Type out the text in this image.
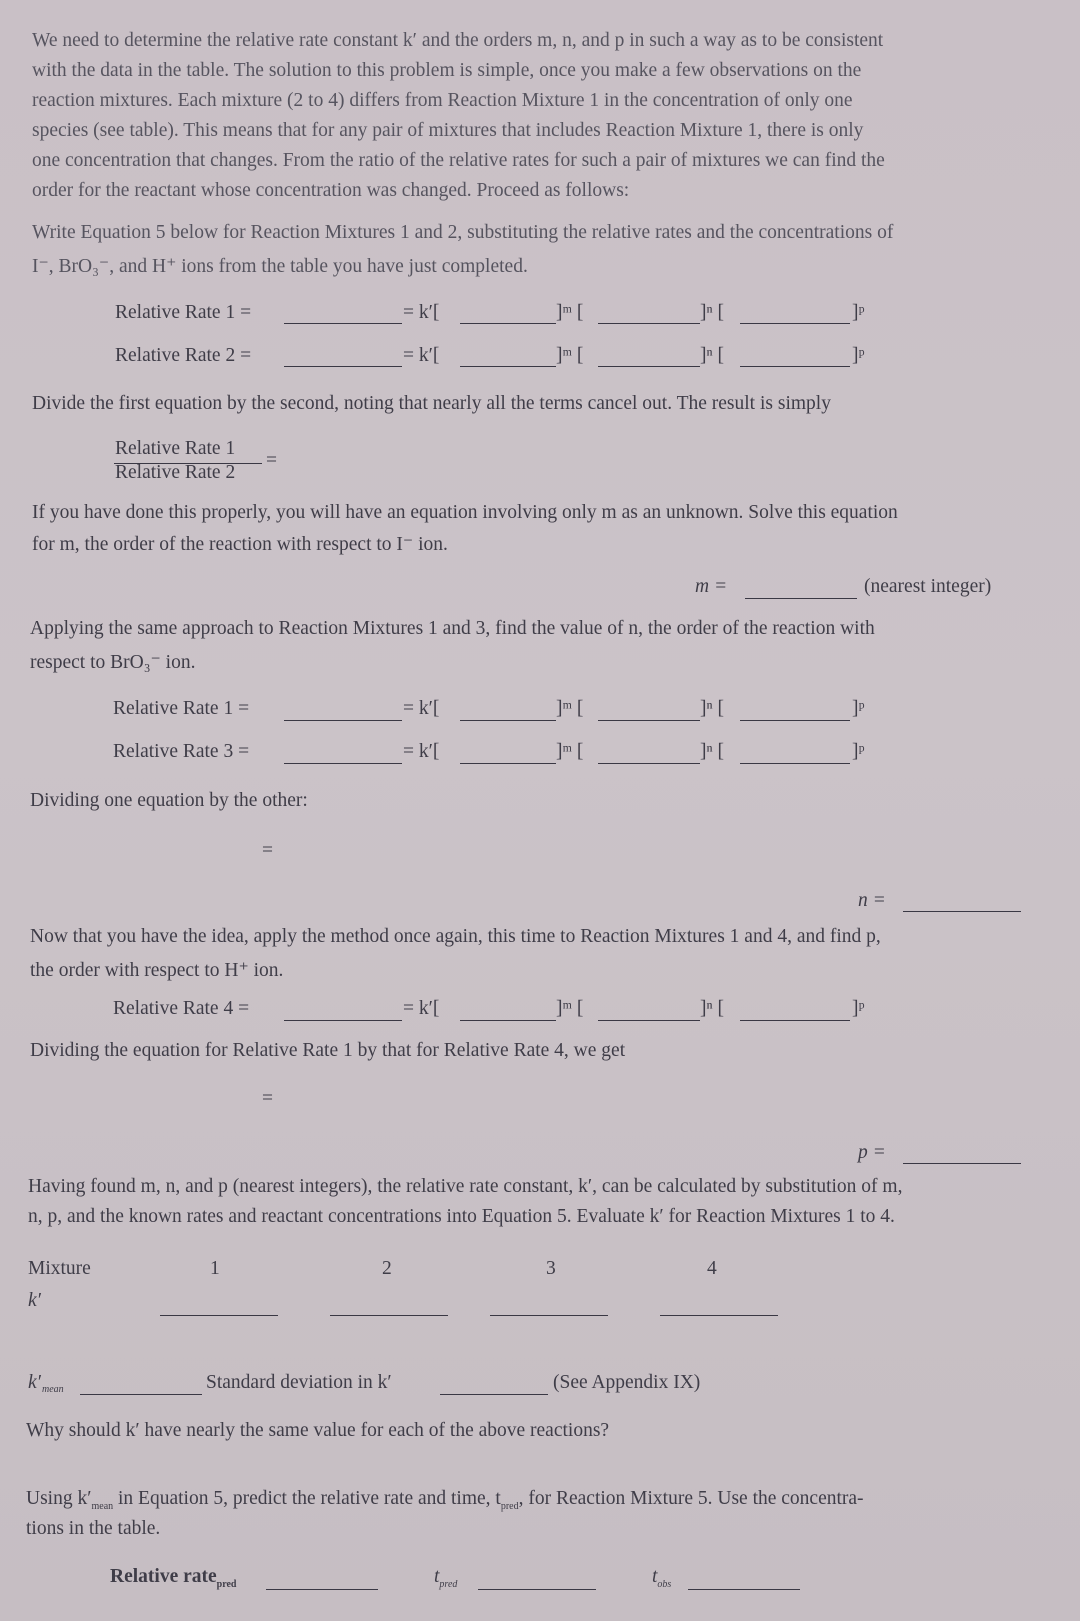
We need to determine the relative rate constant k′ and the orders m, n, and p in such a way as to be consistent
with the data in the table. The solution to this problem is simple, once you make a few observations on the
reaction mixtures. Each mixture (2 to 4) differs from Reaction Mixture 1 in the concentration of only one
species (see table). This means that for any pair of mixtures that includes Reaction Mixture 1, there is only
one concentration that changes. From the ratio of the relative rates for such a pair of mixtures we can find the
order for the reactant whose concentration was changed. Proceed as follows:
Write Equation 5 below for Reaction Mixtures 1 and 2, substituting the relative rates and the concentrations of
I⁻, BrO₃⁻, and H⁺ ions from the table you have just completed.
Relative Rate 1 =	= k′[	]ᵐ [	]ⁿ [	]ᵖ
Relative Rate 2 =	= k′[	]ᵐ [	]ⁿ [	]ᵖ
Divide the first equation by the second, noting that nearly all the terms cancel out. The result is simply
Relative Rate 1
Relative Rate 2
=
If you have done this properly, you will have an equation involving only m as an unknown. Solve this equation
for m, the order of the reaction with respect to I⁻ ion.
m =	(nearest integer)
Applying the same approach to Reaction Mixtures 1 and 3, find the value of n, the order of the reaction with
respect to BrO₃⁻ ion.
Relative Rate 1 =	= k′[	]ᵐ [	]ⁿ [	]ᵖ
Relative Rate 3 =	= k′[	]ᵐ [	]ⁿ [	]ᵖ
Dividing one equation by the other:
=
n =
Now that you have the idea, apply the method once again, this time to Reaction Mixtures 1 and 4, and find p,
the order with respect to H⁺ ion.
Relative Rate 4 =	= k′[	]ᵐ [	]ⁿ [	]ᵖ
Dividing the equation for Relative Rate 1 by that for Relative Rate 4, we get
=
p =
Having found m, n, and p (nearest integers), the relative rate constant, k′, can be calculated by substitution of m,
n, p, and the known rates and reactant concentrations into Equation 5. Evaluate k′ for Reaction Mixtures 1 to 4.
Mixture	1	2	3	4
k′
k′ mean	Standard deviation in k′	(See Appendix IX)
Why should k′ have nearly the same value for each of the above reactions?
Using $k'_{mean}$ in Equation 5, predict the relative rate and time, $t_{pred}$, for Reaction Mixture 5. Use the concentra-
tions in the table.
Relative rate$_{pred}$	$t_{pred}$	$t_{obs}$
